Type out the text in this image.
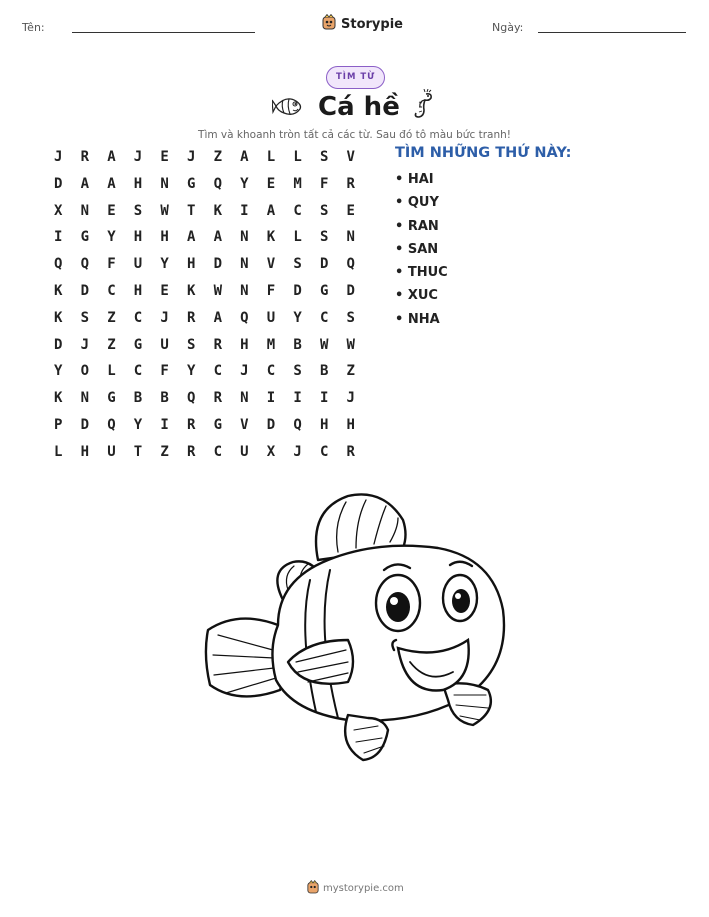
Tên:	Storypie	Ngày:
TÌM TỪ
Cá hề
Tìm và khoanh tròn tất cả các từ. Sau đó tô màu bức tranh!
J	R	A	J	E	J	Z	A	L	L	S	V
D	A	A	H	N	G	Q	Y	E	M	F	R
X	N	E	S	W	T	K	I	A	C	S	E
I	G	Y	H	H	A	A	N	K	L	S	N
Q	Q	F	U	Y	H	D	N	V	S	D	Q
K	D	C	H	E	K	W	N	F	D	G	D
K	S	Z	C	J	R	A	Q	U	Y	C	S
D	J	Z	G	U	S	R	H	M	B	W	W
Y	O	L	C	F	Y	C	J	C	S	B	Z
K	N	G	B	B	Q	R	N	I	I	I	J
P	D	Q	Y	I	R	G	V	D	Q	H	H
L	H	U	T	Z	R	C	U	X	J	C	R
TÌM NHỮNG THỨ NÀY:
• HAI
• QUY
• RAN
• SAN
• THUC
• XUC
• NHA
mystorypie.com
